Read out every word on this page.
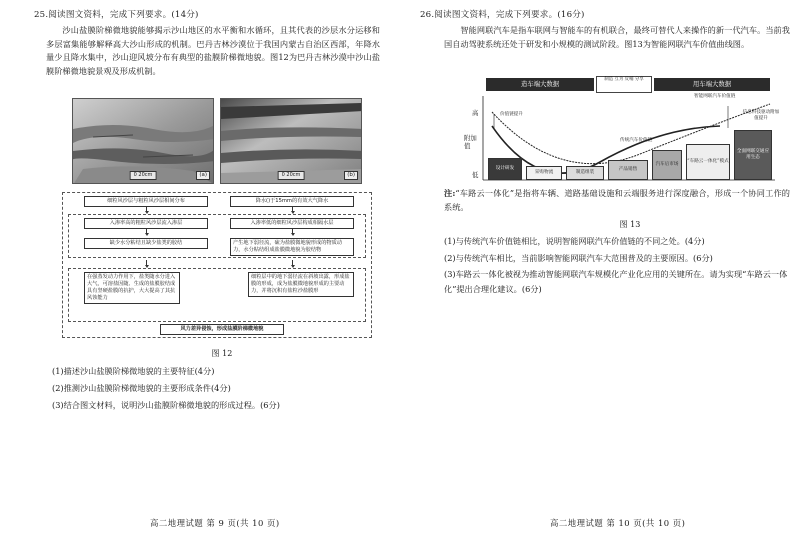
25.阅读图文资料，完成下列要求。(14分)

沙山盐膜阶梯微地貌能够揭示沙山地区的水平衡和水循环，且其代表的沙层水分运移和多层富集能够解释高大沙山形成的机制。巴丹吉林沙漠位于我国内蒙古自治区西部，年降水量少且降水集中，沙山迎风坡分布有典型的盐膜阶梯微地貌。图12为巴丹吉林沙漠中沙山盐膜阶梯微地貌景观及形成机制。

0 20cm	(a)	0 20cm	(b)
细粒风沙层与粗粒风沙层相间分布	降水()于15mm的有效大气降水
入渗率高的粗粒风沙层流入渗层	入渗率低的细粒风沙层构成相隔水层
缺少水分粘结且缺少盐类的胶结	产生地下弱径流，硫为盐膜微地貌形成的物质动力，水分粘结组成盐膜微地貌为胶结物
在强蒸发动力作用下，盐类随水分进入大气，可溶盐因随、生成的盐膜胶结成具有坚硬盐膜的抗护，大大提高了其抗风蚀能力
细粒层中的地下弱径流在斜坡出露，形成盐膜的形成，成为盐膜微地貌形成的主要动力，并将沉积有盐粒沙盐膜形
风力差异侵蚀，形成盐膜阶梯微地貌
图 12
(1)描述沙山盐膜阶梯微地貌的主要特征(4分)
(2)推测沙山盐膜阶梯微地貌的主要形成条件(4分)
(3)结合图文材料，说明沙山盐膜阶梯微地貌的形成过程。(6分)
高二地理试题 第 9 页(共 10 页)
26.阅读图文资料，完成下列要求。(16分)

智能网联汽车是指车联网与智能车的有机联合，最终可替代人来操作的新一代汽车。当前我国自动驾驶系统还处于研发和小规模的测试阶段。图13为智能网联汽车价值曲线图。

造车端大数据
制造 互为 反哺 分享
用车端大数据
高
附加值
低
价值链提升
智能网联汽车价值链
传统汽车价值链
信息科技驱动附加值提升
设计研发
采购物流	制造组装
产品销售
汽车后市场
“车路云一体化”模式
全面网联交通应用生态
注:“车路云一体化”是指将车辆、道路基础设施和云端服务进行深度融合，形成一个协同工作的系统。
图 13
(1)与传统汽车价值链相比，说明智能网联汽车价值链的不同之处。(4分)
(2)与传统汽车相比，当前影响智能网联汽车大范围普及的主要原因。(6分)
(3)车路云一体化被视为推动智能网联汽车规模化产业化应用的关键所在。请为实现“车路云一体化”提出合理化建议。(6分)
高二地理试题 第 10 页(共 10 页)
